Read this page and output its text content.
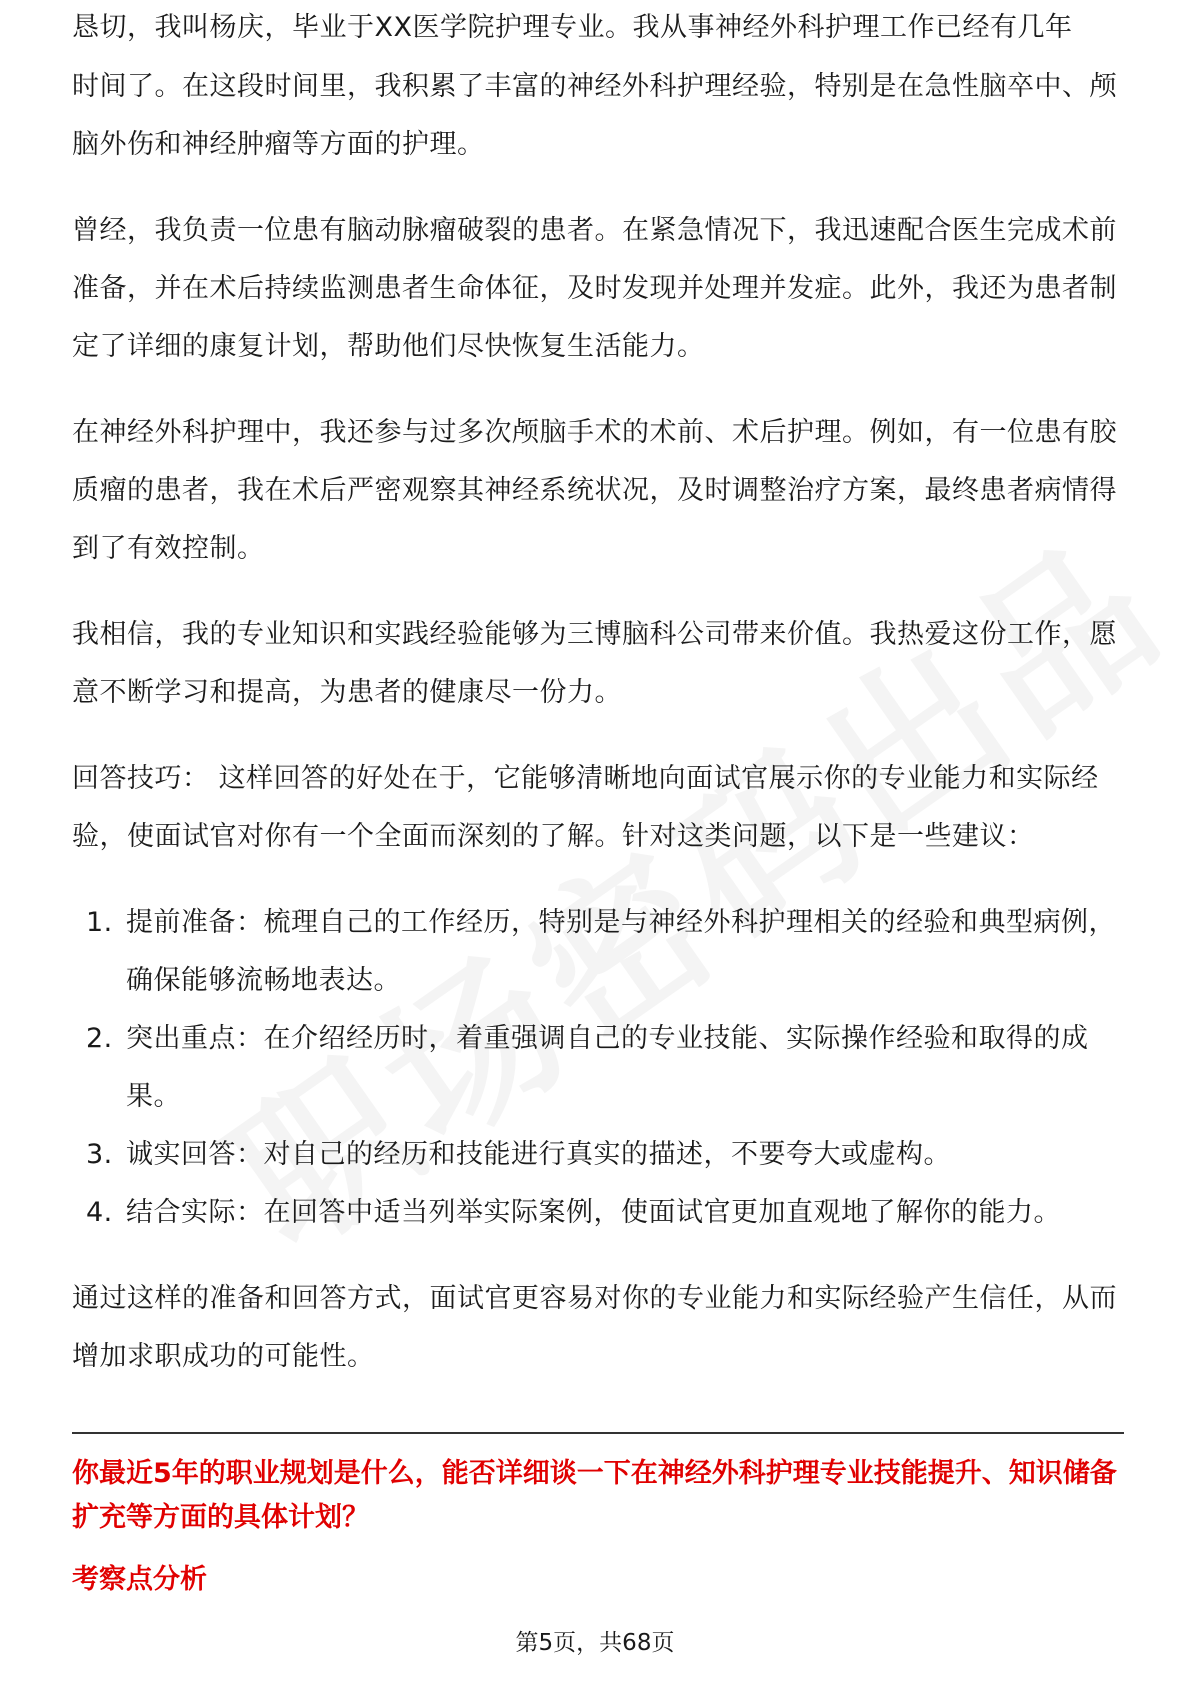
恳切，我叫杨庆，毕业于XX医学院护理专业。我从事神经外科护理工作已经有几年

时间了。在这段时间里，我积累了丰富的神经外科护理经验，特别是在急性脑卒中、颅脑外伤和神经肿瘤等方面的护理。

曾经，我负责一位患有脑动脉瘤破裂的患者。在紧急情况下，我迅速配合医生完成术前准备，并在术后持续监测患者生命体征，及时发现并处理并发症。此外，我还为患者制定了详细的康复计划，帮助他们尽快恢复生活能力。

在神经外科护理中，我还参与过多次颅脑手术的术前、术后护理。例如，有一位患有胶质瘤的患者，我在术后严密观察其神经系统状况，及时调整治疗方案，最终患者病情得到了有效控制。

我相信，我的专业知识和实践经验能够为三博脑科公司带来价值。我热爱这份工作，愿意不断学习和提高，为患者的健康尽一份力。

回答技巧： 这样回答的好处在于，它能够清晰地向面试官展示你的专业能力和实际经验，使面试官对你有一个全面而深刻的了解。针对这类问题，以下是一些建议：

1. 提前准备：梳理自己的工作经历，特别是与神经外科护理相关的经验和典型病例，确保能够流畅地表达。
2. 突出重点：在介绍经历时，着重强调自己的专业技能、实际操作经验和取得的成果。
3. 诚实回答：对自己的经历和技能进行真实的描述，不要夸大或虚构。
4. 结合实际：在回答中适当列举实际案例，使面试官更加直观地了解你的能力。

通过这样的准备和回答方式，面试官更容易对你的专业能力和实际经验产生信任，从而增加求职成功的可能性。

你最近5年的职业规划是什么，能否详细谈一下在神经外科护理专业技能提升、知识储备扩充等方面的具体计划？

考察点分析

第5页，共68页
